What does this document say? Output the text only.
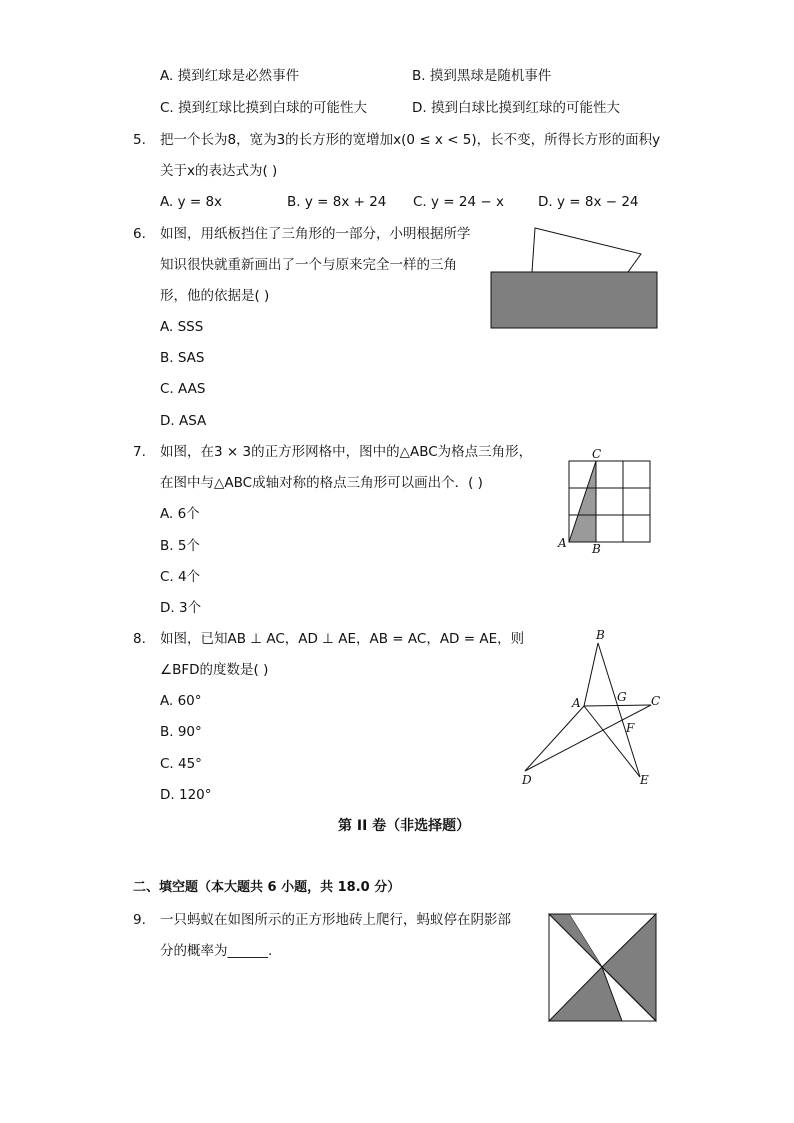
A. 摸到红球是必然事件	B. 摸到黑球是随机事件
C. 摸到红球比摸到白球的可能性大	D. 摸到白球比摸到红球的可能性大
5. 把一个长为8，宽为3的长方形的宽增加x(0 ≤ x < 5)，长不变，所得长方形的面积y
关于x的表达式为( )
A. y = 8x	B. y = 8x + 24 C. y = 24 − x	D. y = 8x − 24
6. 如图，用纸板挡住了三角形的一部分，小明根据所学
知识很快就重新画出了一个与原来完全一样的三角
形，他的依据是( )
A. SSS
B. SAS
C. AAS
D. ASA
7. 如图，在3 × 3的正方形网格中，图中的△ABC为格点三角形，
在图中与△ABC成轴对称的格点三角形可以画出个．( )
A. 6个
B. 5个
C. 4个
D. 3个
A B
C
8. 如图，已知AB ⊥ AC，AD ⊥ AE，AB = AC，AD = AE，则
∠BFD的度数是( )
A. 60°
B. 90°
C. 45°
D. 120°
B
A	G C
F
D	E
第 II 卷（非选择题）
二、填空题（本大题共 6 小题，共 18.0 分）
9. 一只蚂蚁在如图所示的正方形地砖上爬行，蚂蚁停在阴影部
分的概率为______.
